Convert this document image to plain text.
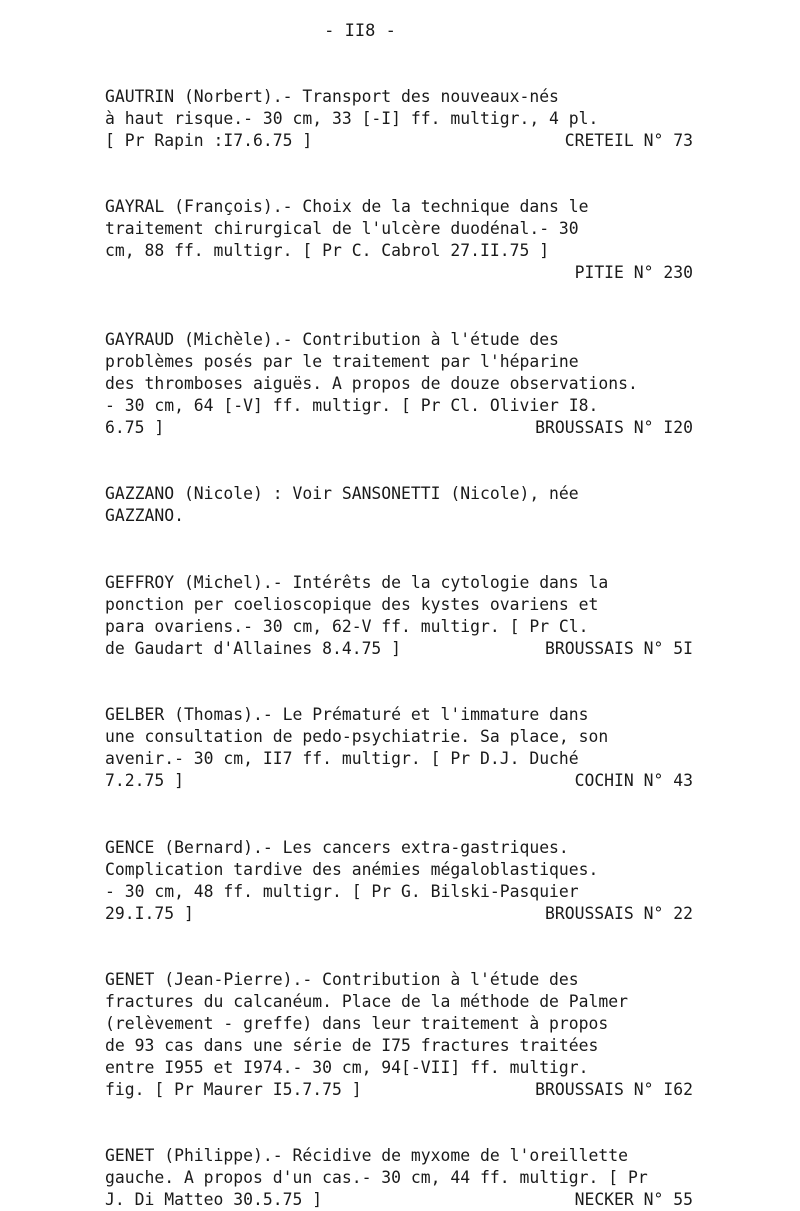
- II8 -
GAUTRIN (Norbert).- Transport des nouveaux-nés
à haut risque.- 30 cm, 33 [-I] ff. multigr., 4 pl.
[ Pr Rapin :I7.6.75 ]	CRETEIL N° 73
GAYRAL (François).- Choix de la technique dans le
traitement chirurgical de l'ulcère duodénal.- 30
cm, 88 ff. multigr. [ Pr C. Cabrol 27.II.75 ]
PITIE N° 230
GAYRAUD (Michèle).- Contribution à l'étude des
problèmes posés par le traitement par l'héparine
des thromboses aiguës. A propos de douze observations.
- 30 cm, 64 [-V] ff. multigr. [ Pr Cl. Olivier I8.
6.75 ]	BROUSSAIS N° I20
GAZZANO (Nicole) : Voir SANSONETTI (Nicole), née
GAZZANO.
GEFFROY (Michel).- Intérêts de la cytologie dans la
ponction per coelioscopique des kystes ovariens et
para ovariens.- 30 cm, 62-V ff. multigr. [ Pr Cl.
de Gaudart d'Allaines 8.4.75 ]	BROUSSAIS N° 5I
GELBER (Thomas).- Le Prématuré et l'immature dans
une consultation de pedo-psychiatrie. Sa place, son
avenir.- 30 cm, II7 ff. multigr. [ Pr D.J. Duché
7.2.75 ]	COCHIN N° 43
GENCE (Bernard).- Les cancers extra-gastriques.
Complication tardive des anémies mégaloblastiques.
- 30 cm, 48 ff. multigr. [ Pr G. Bilski-Pasquier
29.I.75 ]	BROUSSAIS N° 22
GENET (Jean-Pierre).- Contribution à l'étude des
fractures du calcanéum. Place de la méthode de Palmer
(relèvement - greffe) dans leur traitement à propos
de 93 cas dans une série de I75 fractures traitées
entre I955 et I974.- 30 cm, 94[-VII] ff. multigr.
fig. [ Pr Maurer I5.7.75 ]	BROUSSAIS N° I62
GENET (Philippe).- Récidive de myxome de l'oreillette
gauche. A propos d'un cas.- 30 cm, 44 ff. multigr. [ Pr
J. Di Matteo 30.5.75 ]	NECKER N° 55
